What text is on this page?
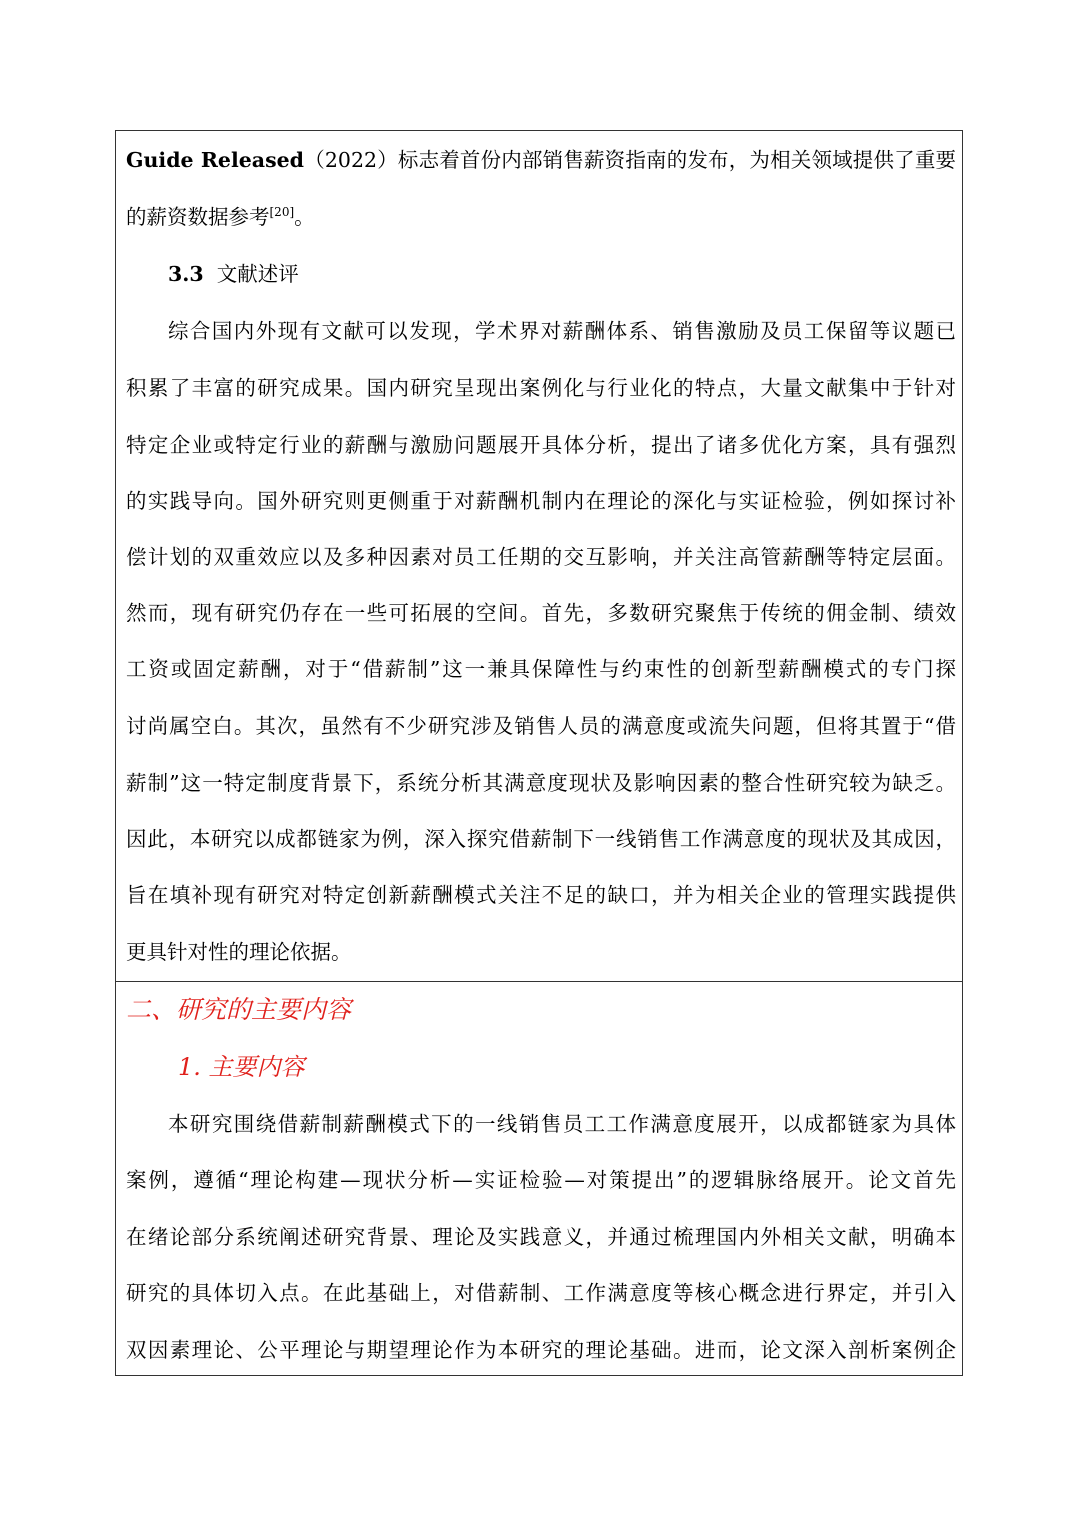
Guide Released（2022）标志着首份内部销售薪资指南的发布，为相关领域提供了重要
的薪资数据参考[20]。
3.3 文献述评
综合国内外现有文献可以发现，学术界对薪酬体系、销售激励及员工保留等议题已
积累了丰富的研究成果。国内研究呈现出案例化与行业化的特点，大量文献集中于针对
特定企业或特定行业的薪酬与激励问题展开具体分析，提出了诸多优化方案，具有强烈
的实践导向。国外研究则更侧重于对薪酬机制内在理论的深化与实证检验，例如探讨补
偿计划的双重效应以及多种因素对员工任期的交互影响，并关注高管薪酬等特定层面。
然而，现有研究仍存在一些可拓展的空间。首先，多数研究聚焦于传统的佣金制、绩效
工资或固定薪酬，对于“借薪制”这一兼具保障性与约束性的创新型薪酬模式的专门探
讨尚属空白。其次，虽然有不少研究涉及销售人员的满意度或流失问题，但将其置于“借
薪制”这一特定制度背景下，系统分析其满意度现状及影响因素的整合性研究较为缺乏。
因此，本研究以成都链家为例，深入探究借薪制下一线销售工作满意度的现状及其成因，
旨在填补现有研究对特定创新薪酬模式关注不足的缺口，并为相关企业的管理实践提供
更具针对性的理论依据。
二、研究的主要内容
1. 主要内容
本研究围绕借薪制薪酬模式下的一线销售员工工作满意度展开，以成都链家为具体
案例，遵循“理论构建—现状分析—实证检验—对策提出”的逻辑脉络展开。论文首先
在绪论部分系统阐述研究背景、理论及实践意义，并通过梳理国内外相关文献，明确本
研究的具体切入点。在此基础上，对借薪制、工作满意度等核心概念进行界定，并引入
双因素理论、公平理论与期望理论作为本研究的理论基础。进而，论文深入剖析案例企
